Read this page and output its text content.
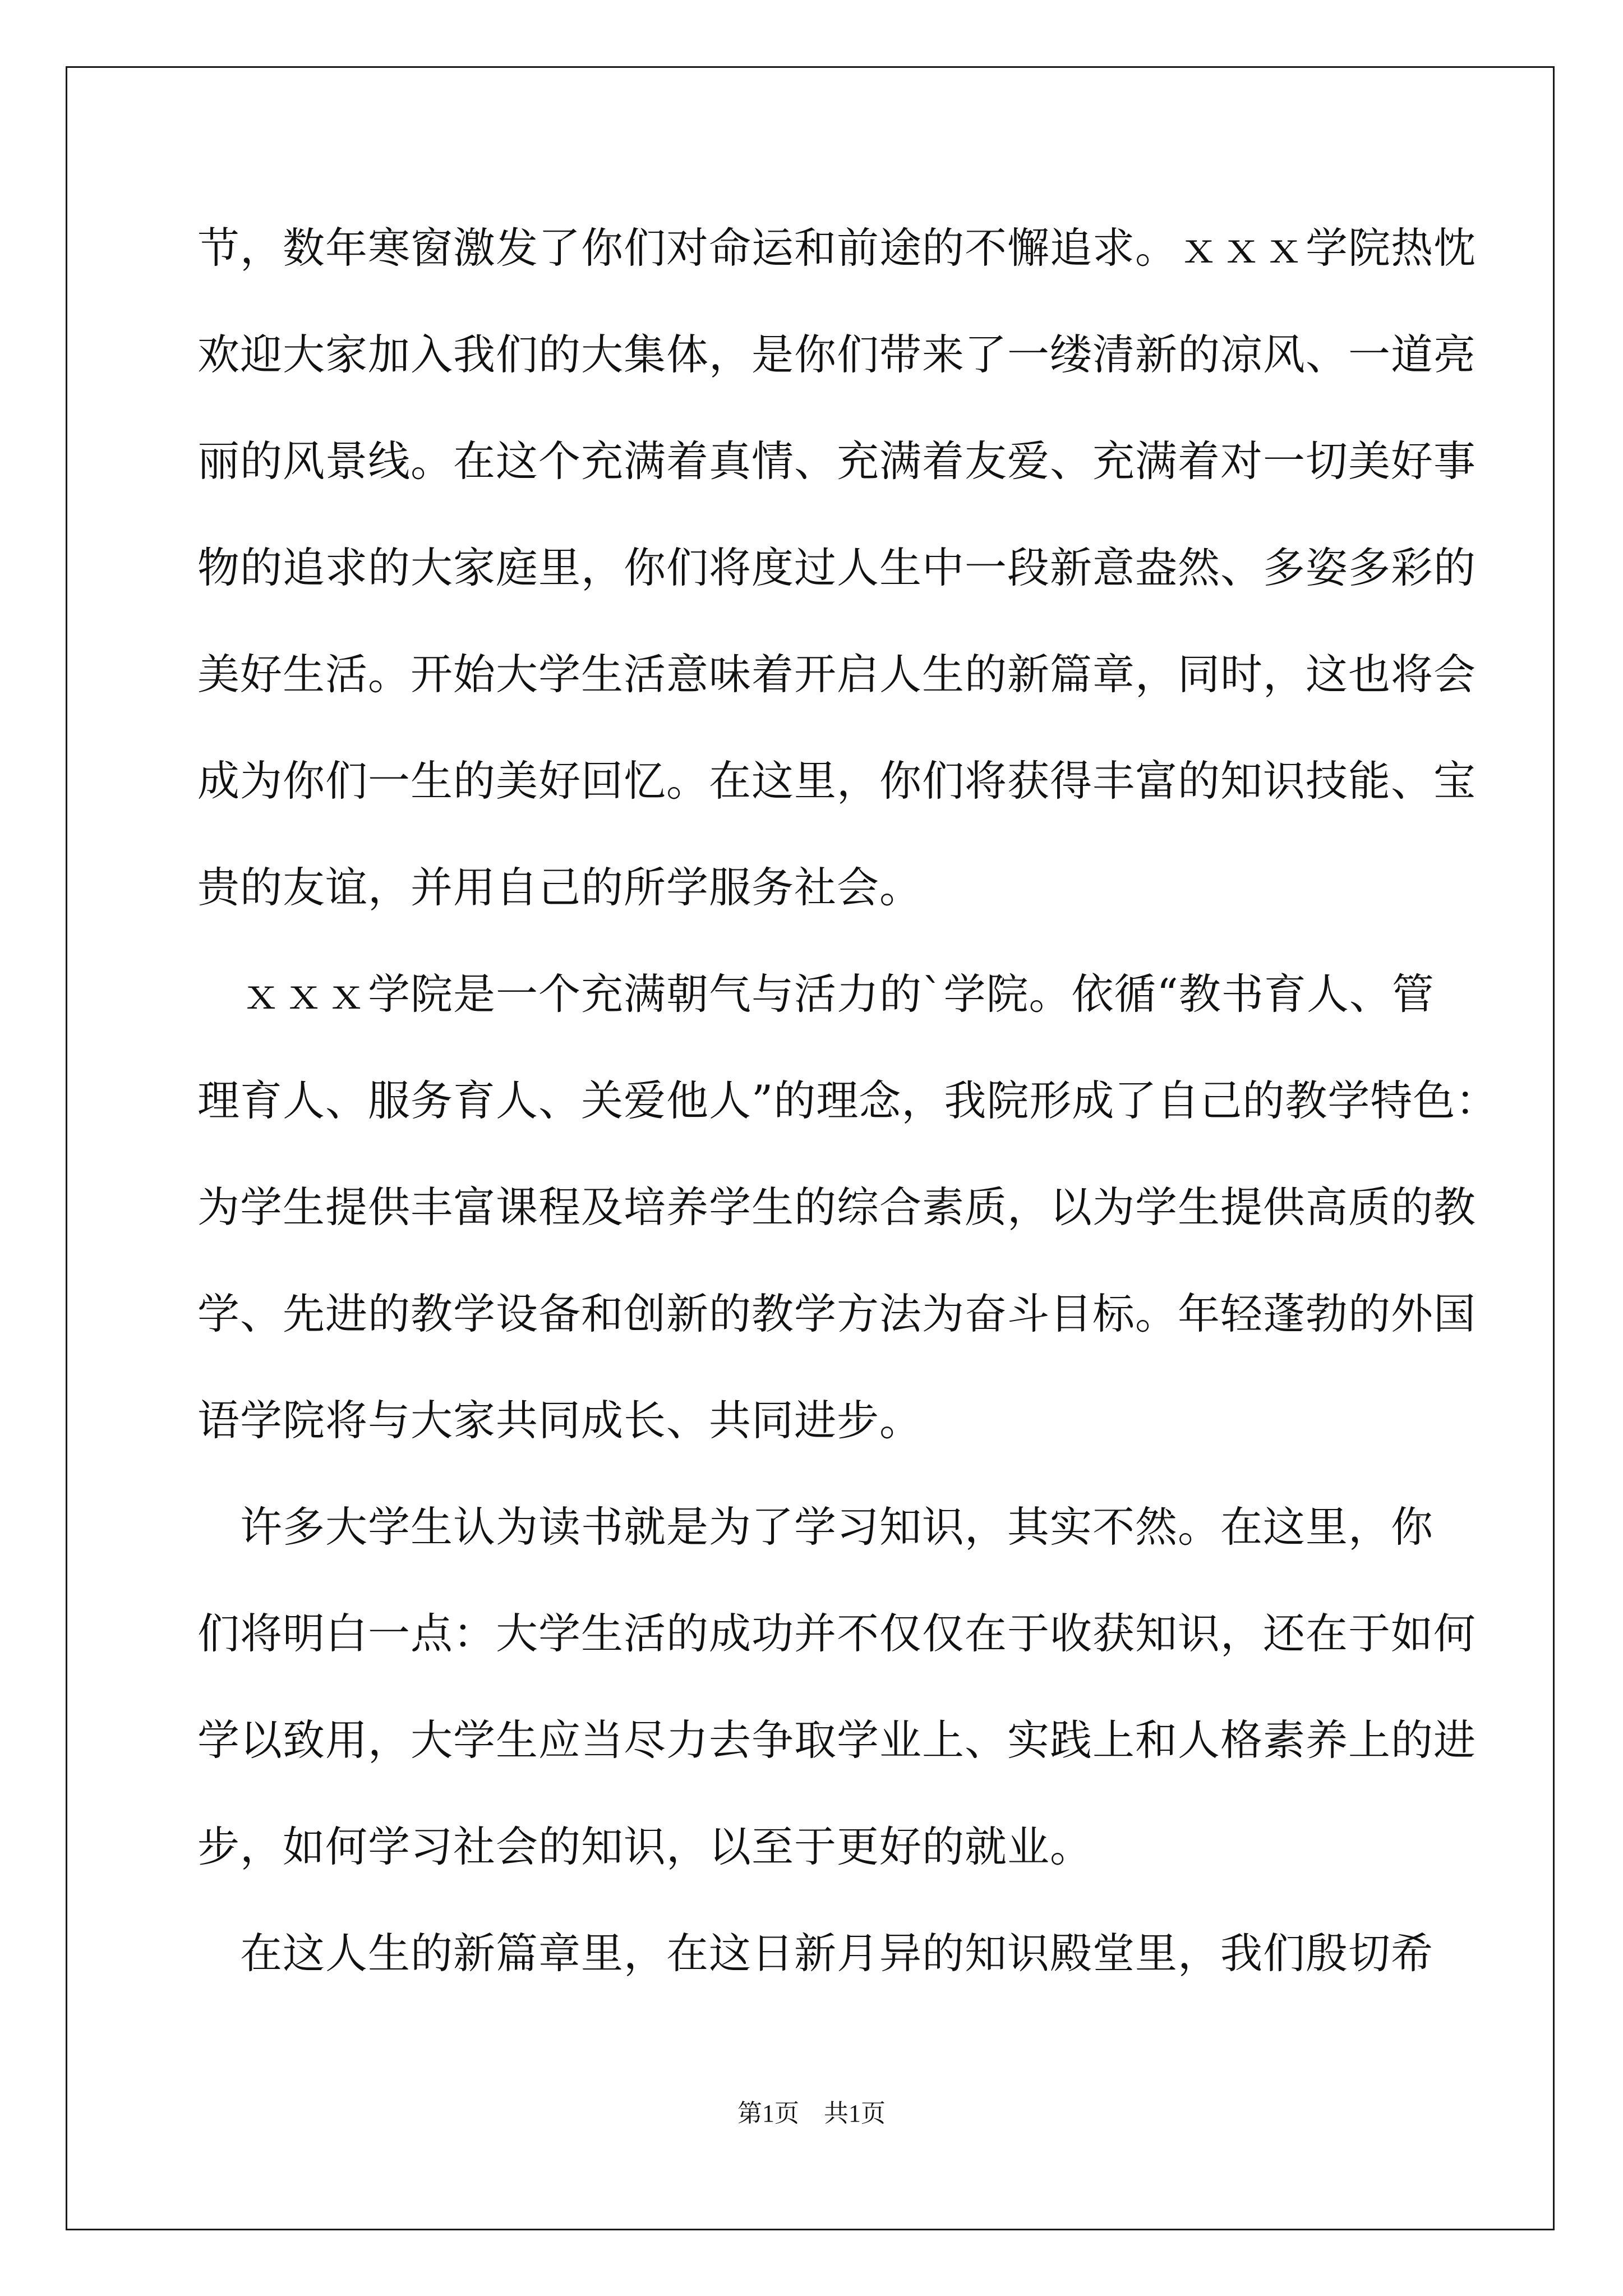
节，数年寒窗激发了你们对命运和前途的不懈追求。ｘｘｘ学院热忱
欢迎大家加入我们的大集体，是你们带来了一缕清新的凉风、一道亮
丽的风景线。在这个充满着真情、充满着友爱、充满着对一切美好事
物的追求的大家庭里，你们将度过人生中一段新意盎然、多姿多彩的
美好生活。开始大学生活意味着开启人生的新篇章，同时，这也将会
成为你们一生的美好回忆。在这里，你们将获得丰富的知识技能、宝
贵的友谊，并用自己的所学服务社会。
　ｘｘｘ学院是一个充满朝气与活力的`学院。依循“教书育人、管
理育人、服务育人、关爱他人”的理念，我院形成了自己的教学特色：
为学生提供丰富课程及培养学生的综合素质，以为学生提供高质的教
学、先进的教学设备和创新的教学方法为奋斗目标。年轻蓬勃的外国
语学院将与大家共同成长、共同进步。
　许多大学生认为读书就是为了学习知识，其实不然。在这里，你
们将明白一点：大学生活的成功并不仅仅在于收获知识，还在于如何
学以致用，大学生应当尽力去争取学业上、实践上和人格素养上的进
步，如何学习社会的知识，以至于更好的就业。
　在这人生的新篇章里，在这日新月异的知识殿堂里，我们殷切希
第1页　共1页
